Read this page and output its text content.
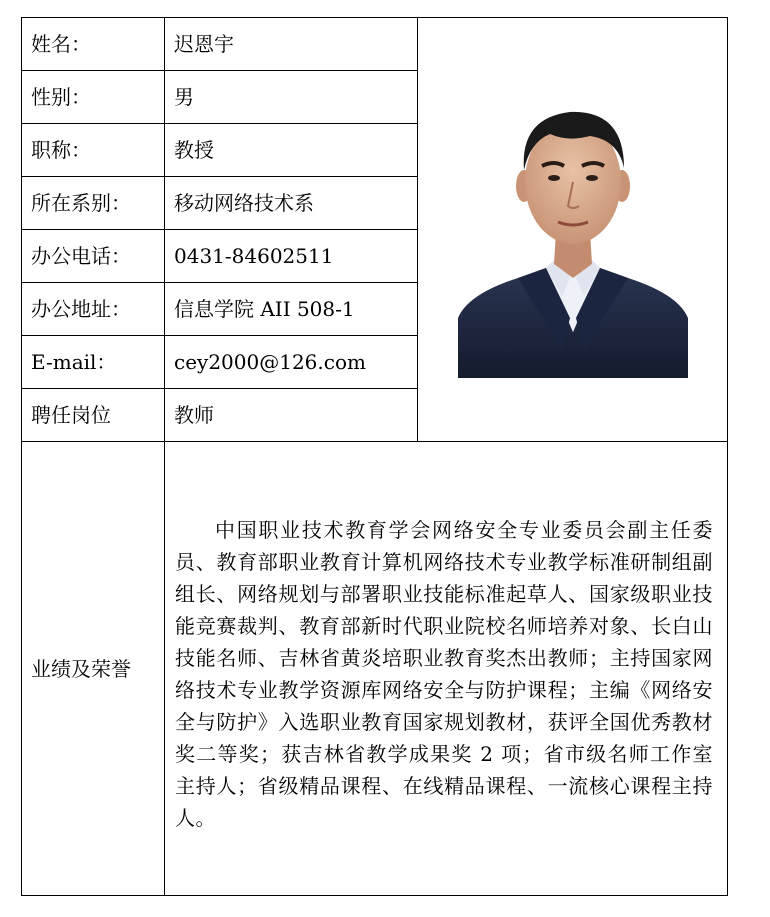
姓名：	迟恩宇	

性别：	男	
职称：	教授	
所在系别：	移动网络技术系	
办公电话：	0431-84602511	
办公地址：	信息学院 AII 508-1	
E-mail：	cey2000@126.com	
聘任岗位	教师	
业绩及荣誉	中国职业技术教育学会网络安全专业委员会副主任委员、教育部职业教育计算机网络技术专业教学标准研制组副组长、网络规划与部署职业技能标准起草人、国家级职业技能竞赛裁判、教育部新时代职业院校名师培养对象、长白山技能名师、吉林省黄炎培职业教育奖杰出教师；主持国家网络技术专业教学资源库网络安全与防护课程；主编《网络安全与防护》入选职业教育国家规划教材，获评全国优秀教材奖二等奖；获吉林省教学成果奖 2 项；省市级名师工作室主持人；省级精品课程、在线精品课程、一流核心课程主持人。	
